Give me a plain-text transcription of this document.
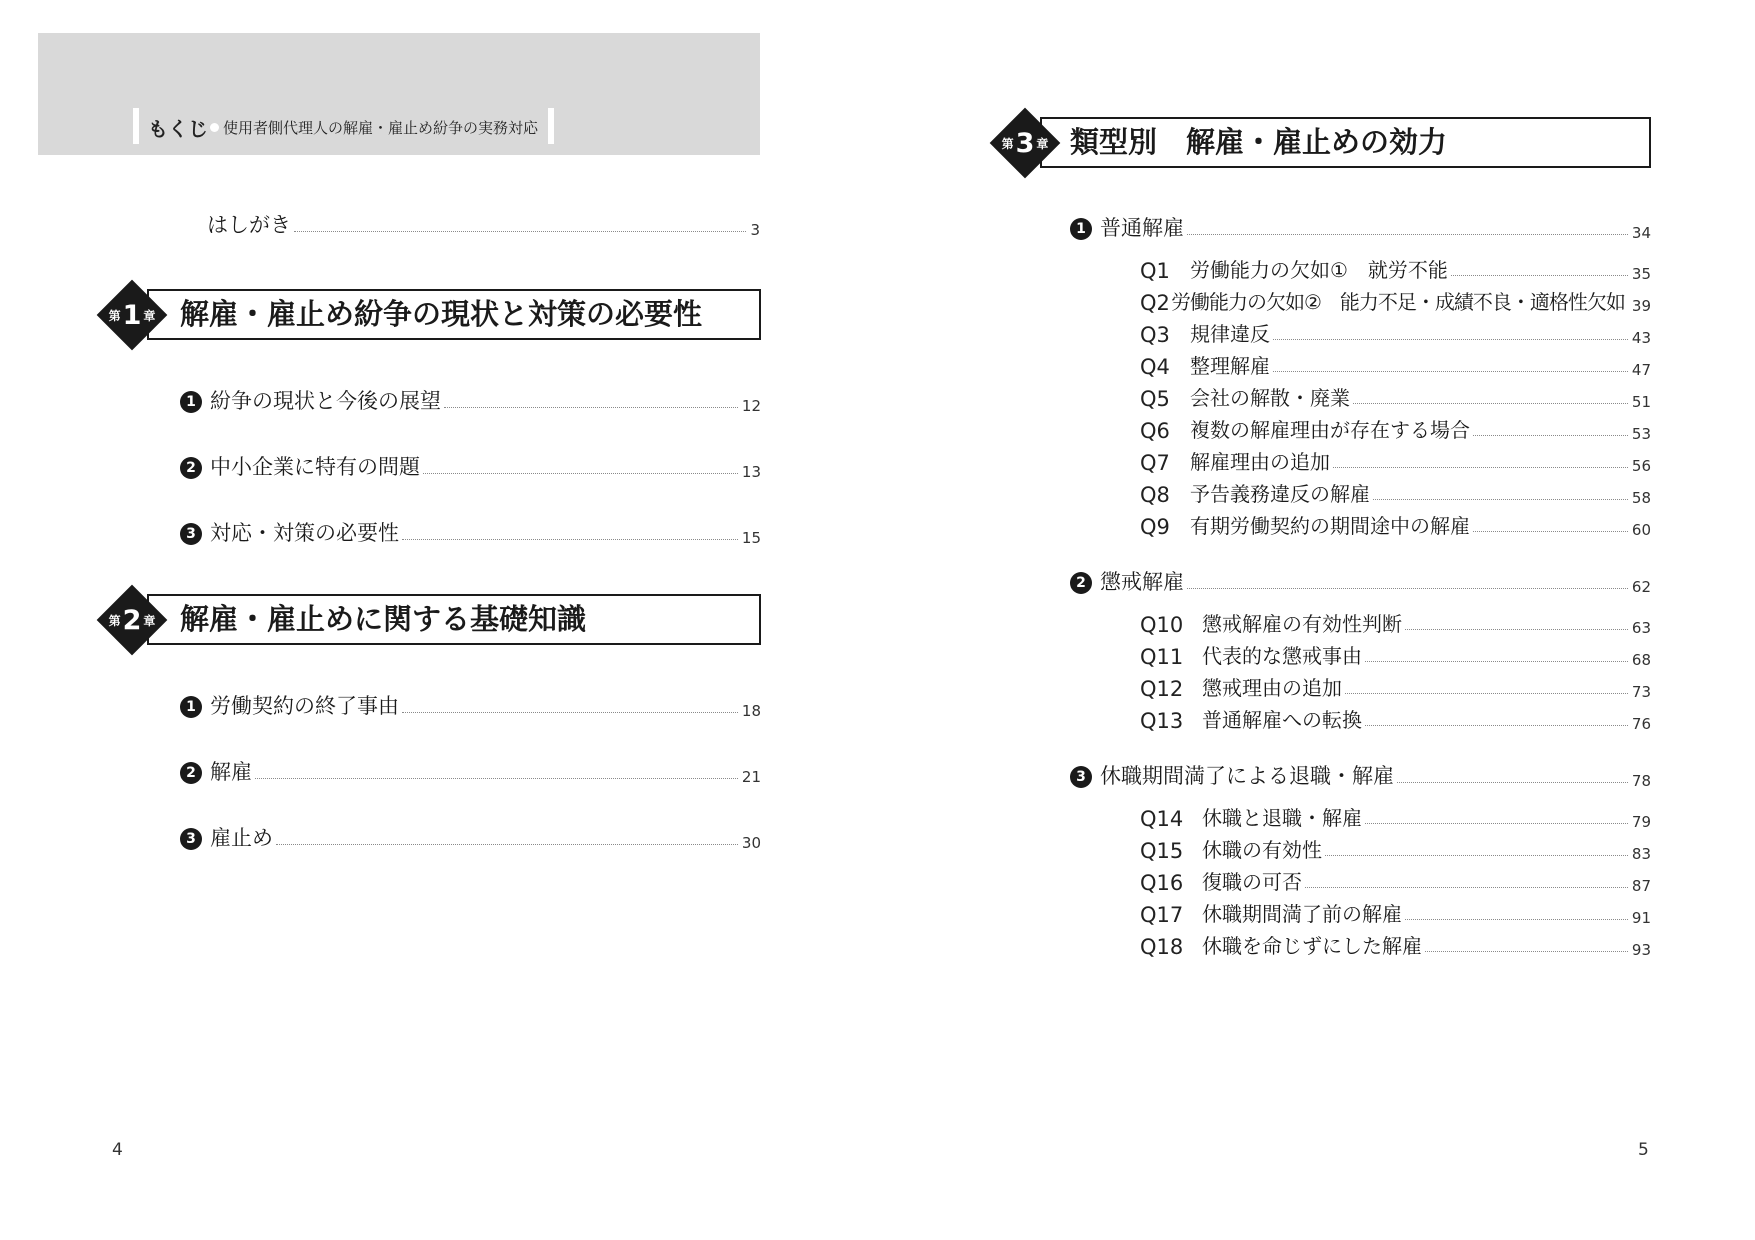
もくじ 使用者側代理人の解雇・雇止め紛争の実務対応
はしがき	3
解雇・雇止め紛争の現状と対策の必要性
第 1 章
1 紛争の現状と今後の展望	12
2 中小企業に特有の問題	13
3 対応・対策の必要性	15
解雇・雇止めに関する基礎知識
第 2 章
1 労働契約の終了事由	18
2 解雇	21
3 雇止め	30
4
類型別　解雇・雇止めの効力
第 3 章
1 普通解雇	34
Q1	労働能力の欠如①　就労不能	35
Q2 労働能力の欠如②　能力不足・成績不良・適格性欠如 39
Q3	規律違反	43
Q4	整理解雇	47
Q5	会社の解散・廃業	51
Q6	複数の解雇理由が存在する場合	53
Q7	解雇理由の追加	56
Q8	予告義務違反の解雇	58
Q9	有期労働契約の期間途中の解雇	60
2 懲戒解雇	62
Q10 懲戒解雇の有効性判断	63
Q11 代表的な懲戒事由	68
Q12 懲戒理由の追加	73
Q13 普通解雇への転換	76
3 休職期間満了による退職・解雇	78
Q14 休職と退職・解雇	79
Q15 休職の有効性	83
Q16 復職の可否	87
Q17 休職期間満了前の解雇	91
Q18 休職を命じずにした解雇	93
5
